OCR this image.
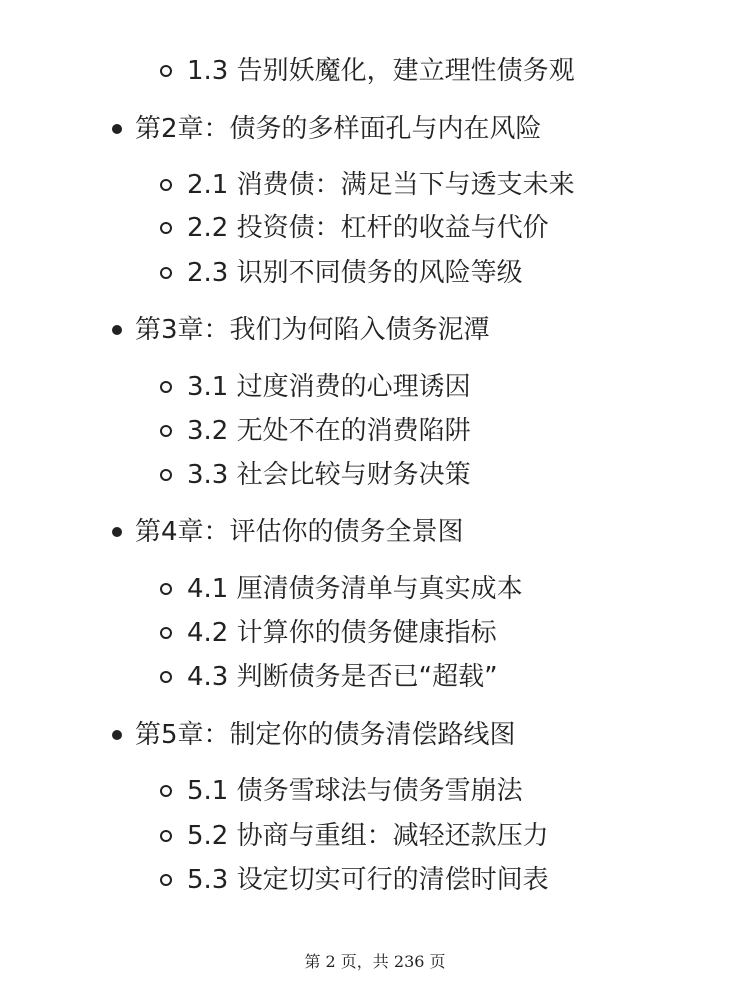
1.3 告别妖魔化，建立理性债务观
第2章：债务的多样面孔与内在风险
2.1 消费债：满足当下与透支未来
2.2 投资债：杠杆的收益与代价
2.3 识别不同债务的风险等级
第3章：我们为何陷入债务泥潭
3.1 过度消费的心理诱因
3.2 无处不在的消费陷阱
3.3 社会比较与财务决策
第4章：评估你的债务全景图
4.1 厘清债务清单与真实成本
4.2 计算你的债务健康指标
4.3 判断债务是否已“超载”
第5章：制定你的债务清偿路线图
5.1 债务雪球法与债务雪崩法
5.2 协商与重组：减轻还款压力
5.3 设定切实可行的清偿时间表
第 2 页，共 236 页
